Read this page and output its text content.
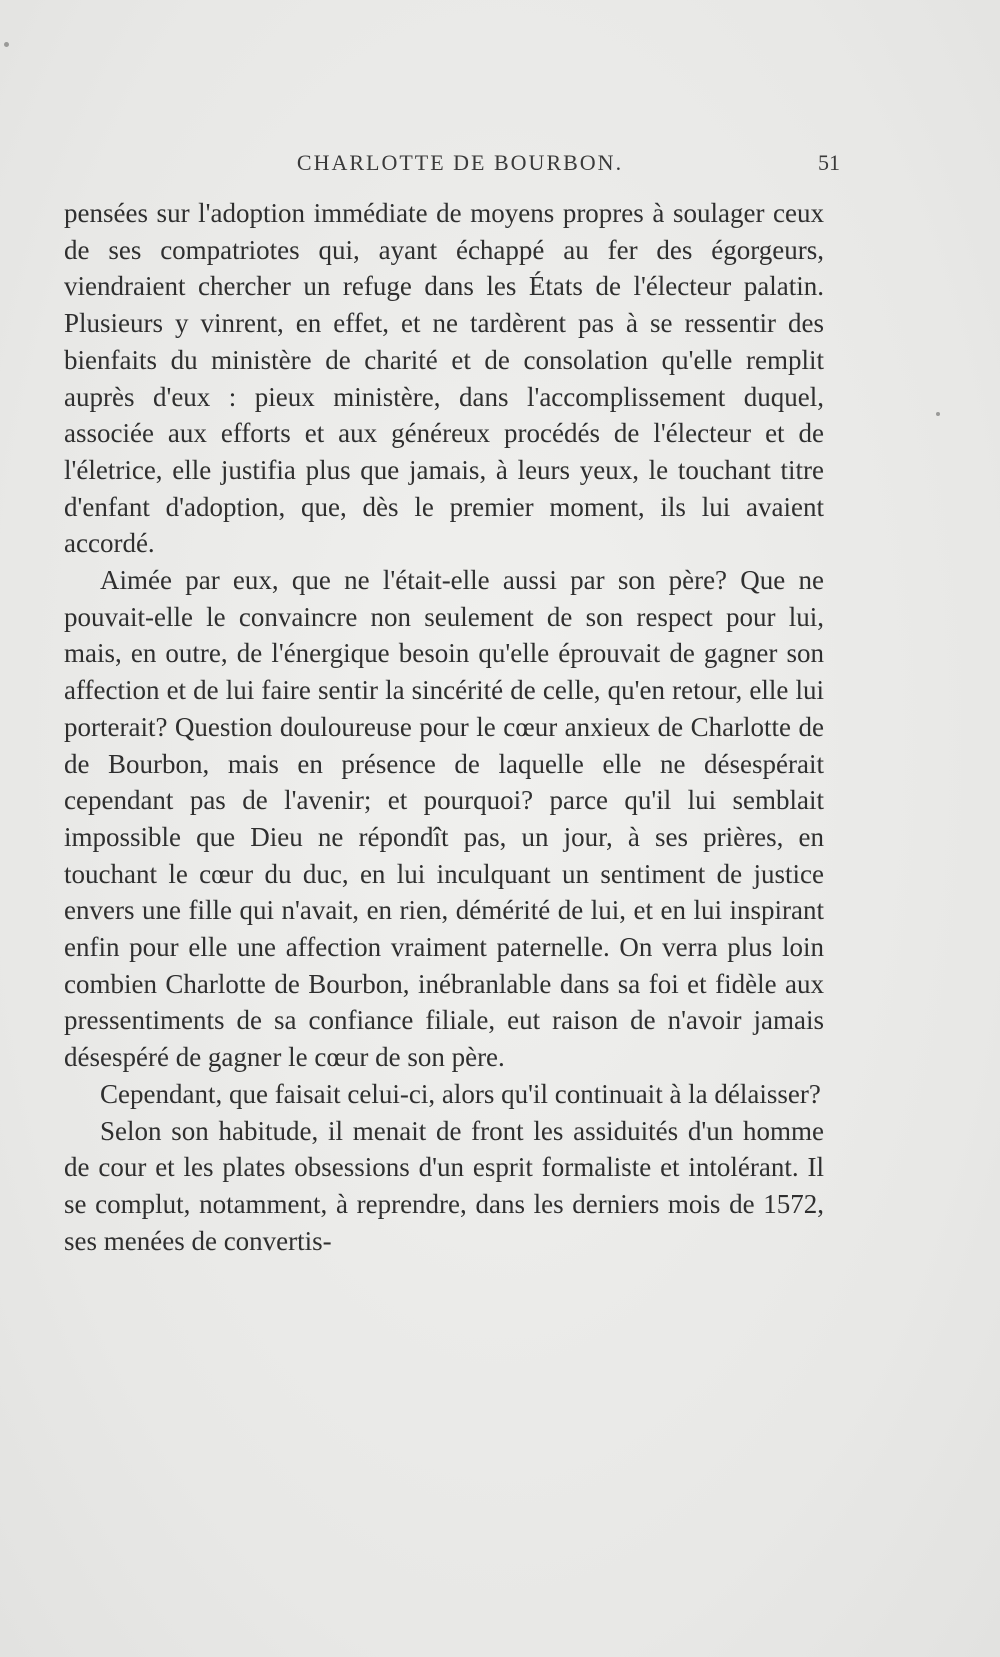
CHARLOTTE DE BOURBON.	51

pensées sur l'adoption immédiate de moyens propres à soulager ceux de ses compatriotes qui, ayant échappé au fer des égorgeurs, viendraient chercher un refuge dans les États de l'électeur palatin. Plusieurs y vinrent, en effet, et ne tardèrent pas à se ressentir des bienfaits du ministère de charité et de consolation qu'elle remplit auprès d'eux : pieux ministère, dans l'accomplissement duquel, associée aux efforts et aux généreux procédés de l'électeur et de l'életrice, elle justifia plus que jamais, à leurs yeux, le touchant titre d'enfant d'adoption, que, dès le premier moment, ils lui avaient accordé.

Aimée par eux, que ne l'était-elle aussi par son père? Que ne pouvait-elle le convaincre non seulement de son respect pour lui, mais, en outre, de l'énergique besoin qu'elle éprouvait de gagner son affection et de lui faire sentir la sincérité de celle, qu'en retour, elle lui porterait? Question douloureuse pour le cœur anxieux de Charlotte de de Bourbon, mais en présence de laquelle elle ne désespérait cependant pas de l'avenir; et pourquoi? parce qu'il lui semblait impossible que Dieu ne répondît pas, un jour, à ses prières, en touchant le cœur du duc, en lui inculquant un sentiment de justice envers une fille qui n'avait, en rien, démérité de lui, et en lui inspirant enfin pour elle une affection vraiment paternelle. On verra plus loin combien Charlotte de Bourbon, inébranlable dans sa foi et fidèle aux pressentiments de sa confiance filiale, eut raison de n'avoir jamais désespéré de gagner le cœur de son père.

Cependant, que faisait celui-ci, alors qu'il continuait à la délaisser?

Selon son habitude, il menait de front les assiduités d'un homme de cour et les plates obsessions d'un esprit formaliste et intolérant. Il se complut, notamment, à reprendre, dans les derniers mois de 1572, ses menées de convertis-
